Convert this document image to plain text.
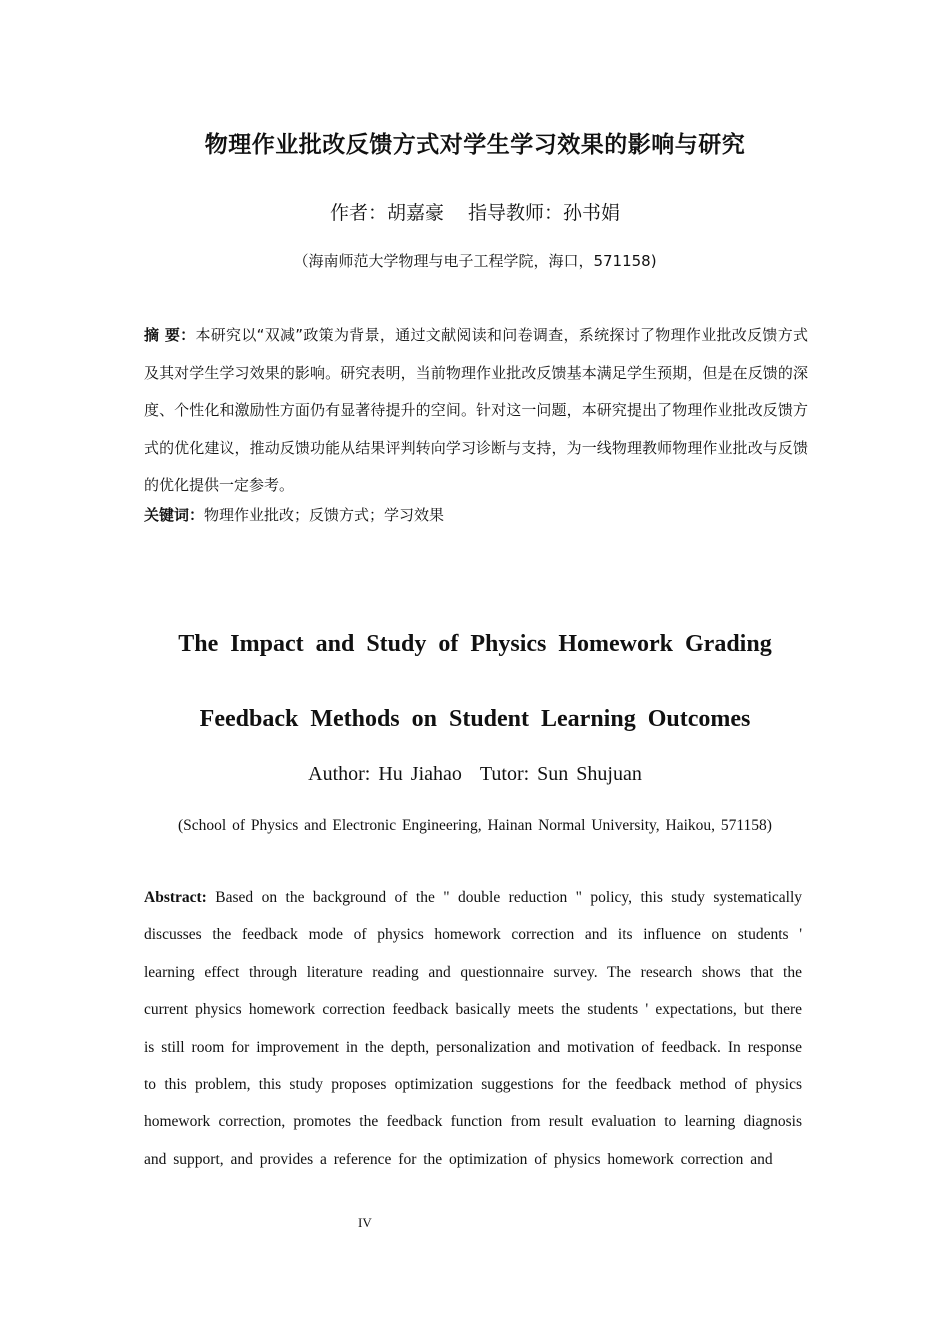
物理作业批改反馈方式对学生学习效果的影响与研究
作者：胡嘉豪 指导教师：孙书娟
（海南师范大学物理与电子工程学院，海口，571158)
摘 要：本研究以“双减”政策为背景，通过文献阅读和问卷调查，系统探讨了物理作业批改反馈方式及其对学生学习效果的影响。研究表明，当前物理作业批改反馈基本满足学生预期，但是在反馈的深度、个性化和激励性方面仍有显著待提升的空间。针对这一问题，本研究提出了物理作业批改反馈方式的优化建议，推动反馈功能从结果评判转向学习诊断与支持，为一线物理教师物理作业批改与反馈的优化提供一定参考。
关键词：物理作业批改；反馈方式；学习效果
The Impact and Study of Physics Homework Grading Feedback Methods on Student Learning Outcomes
Author: Hu Jiahao Tutor: Sun Shujuan
(School of Physics and Electronic Engineering, Hainan Normal University, Haikou, 571158)
Abstract: Based on the background of the " double reduction " policy, this study systematically discusses the feedback mode of physics homework correction and its influence on students ' learning effect through literature reading and questionnaire survey. The research shows that the current physics homework correction feedback basically meets the students ' expectations, but there is still room for improvement in the depth, personalization and motivation of feedback. In response to this problem, this study proposes optimization suggestions for the feedback method of physics homework correction, promotes the feedback function from result evaluation to learning diagnosis and support, and provides a reference for the optimization of physics homework correction and
IV
